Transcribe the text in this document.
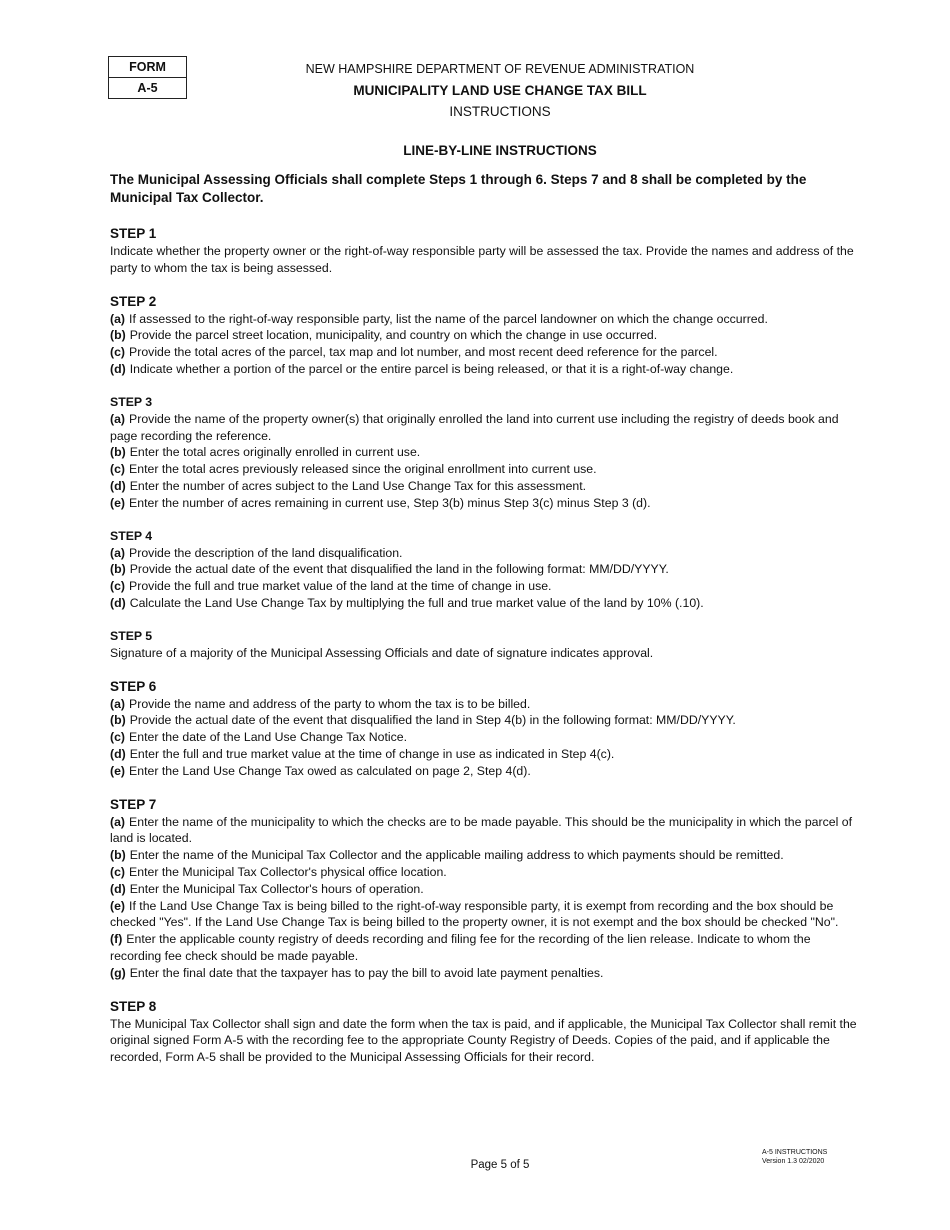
FORM
A-5
NEW HAMPSHIRE DEPARTMENT OF REVENUE ADMINISTRATION
MUNICIPALITY LAND USE CHANGE TAX BILL
INSTRUCTIONS
LINE-BY-LINE INSTRUCTIONS

The Municipal Assessing Officials shall complete Steps 1 through 6. Steps 7 and 8 shall be completed by the Municipal Tax Collector.

STEP 1

Indicate whether the property owner or the right-of-way responsible party will be assessed the tax. Provide the names and address of the party to whom the tax is being assessed.

STEP 2

(a) If assessed to the right-of-way responsible party, list the name of the parcel landowner on which the change occurred.

(b) Provide the parcel street location, municipality, and country on which the change in use occurred.

(c) Provide the total acres of the parcel, tax map and lot number, and most recent deed reference for the parcel.

(d) Indicate whether a portion of the parcel or the entire parcel is being released, or that it is a right-of-way change.

STEP 3

(a) Provide the name of the property owner(s) that originally enrolled the land into current use including the registry of deeds book and page recording the reference.

(b) Enter the total acres originally enrolled in current use.

(c) Enter the total acres previously released since the original enrollment into current use.

(d) Enter the number of acres subject to the Land Use Change Tax for this assessment.

(e) Enter the number of acres remaining in current use, Step 3(b) minus Step 3(c) minus Step 3 (d).

STEP 4

(a) Provide the description of the land disqualification.

(b) Provide the actual date of the event that disqualified the land in the following format: MM/DD/YYYY.

(c) Provide the full and true market value of the land at the time of change in use.

(d) Calculate the Land Use Change Tax by multiplying the full and true market value of the land by 10% (.10).

STEP 5

Signature of a majority of the Municipal Assessing Officials and date of signature indicates approval.

STEP 6

(a) Provide the name and address of the party to whom the tax is to be billed.

(b) Provide the actual date of the event that disqualified the land in Step 4(b) in the following format: MM/DD/YYYY.

(c) Enter the date of the Land Use Change Tax Notice.

(d) Enter the full and true market value at the time of change in use as indicated in Step 4(c).

(e) Enter the Land Use Change Tax owed as calculated on page 2, Step 4(d).

STEP 7

(a) Enter the name of the municipality to which the checks are to be made payable. This should be the municipality in which the parcel of land is located.

(b) Enter the name of the Municipal Tax Collector and the applicable mailing address to which payments should be remitted.

(c) Enter the Municipal Tax Collector's physical office location.

(d) Enter the Municipal Tax Collector's hours of operation.

(e) If the Land Use Change Tax is being billed to the right-of-way responsible party, it is exempt from recording and the box should be checked "Yes". If the Land Use Change Tax is being billed to the property owner, it is not exempt and the box should be checked "No".

(f) Enter the applicable county registry of deeds recording and filing fee for the recording of the lien release. Indicate to whom the recording fee check should be made payable.

(g) Enter the final date that the taxpayer has to pay the bill to avoid late payment penalties.

STEP 8

The Municipal Tax Collector shall sign and date the form when the tax is paid, and if applicable, the Municipal Tax Collector shall remit the original signed Form A-5 with the recording fee to the appropriate County Registry of Deeds. Copies of the paid, and if applicable the recorded, Form A-5 shall be provided to the Municipal Assessing Officials for their record.

Page 5 of 5
A-5 INSTRUCTIONS
Version 1.3 02/2020
